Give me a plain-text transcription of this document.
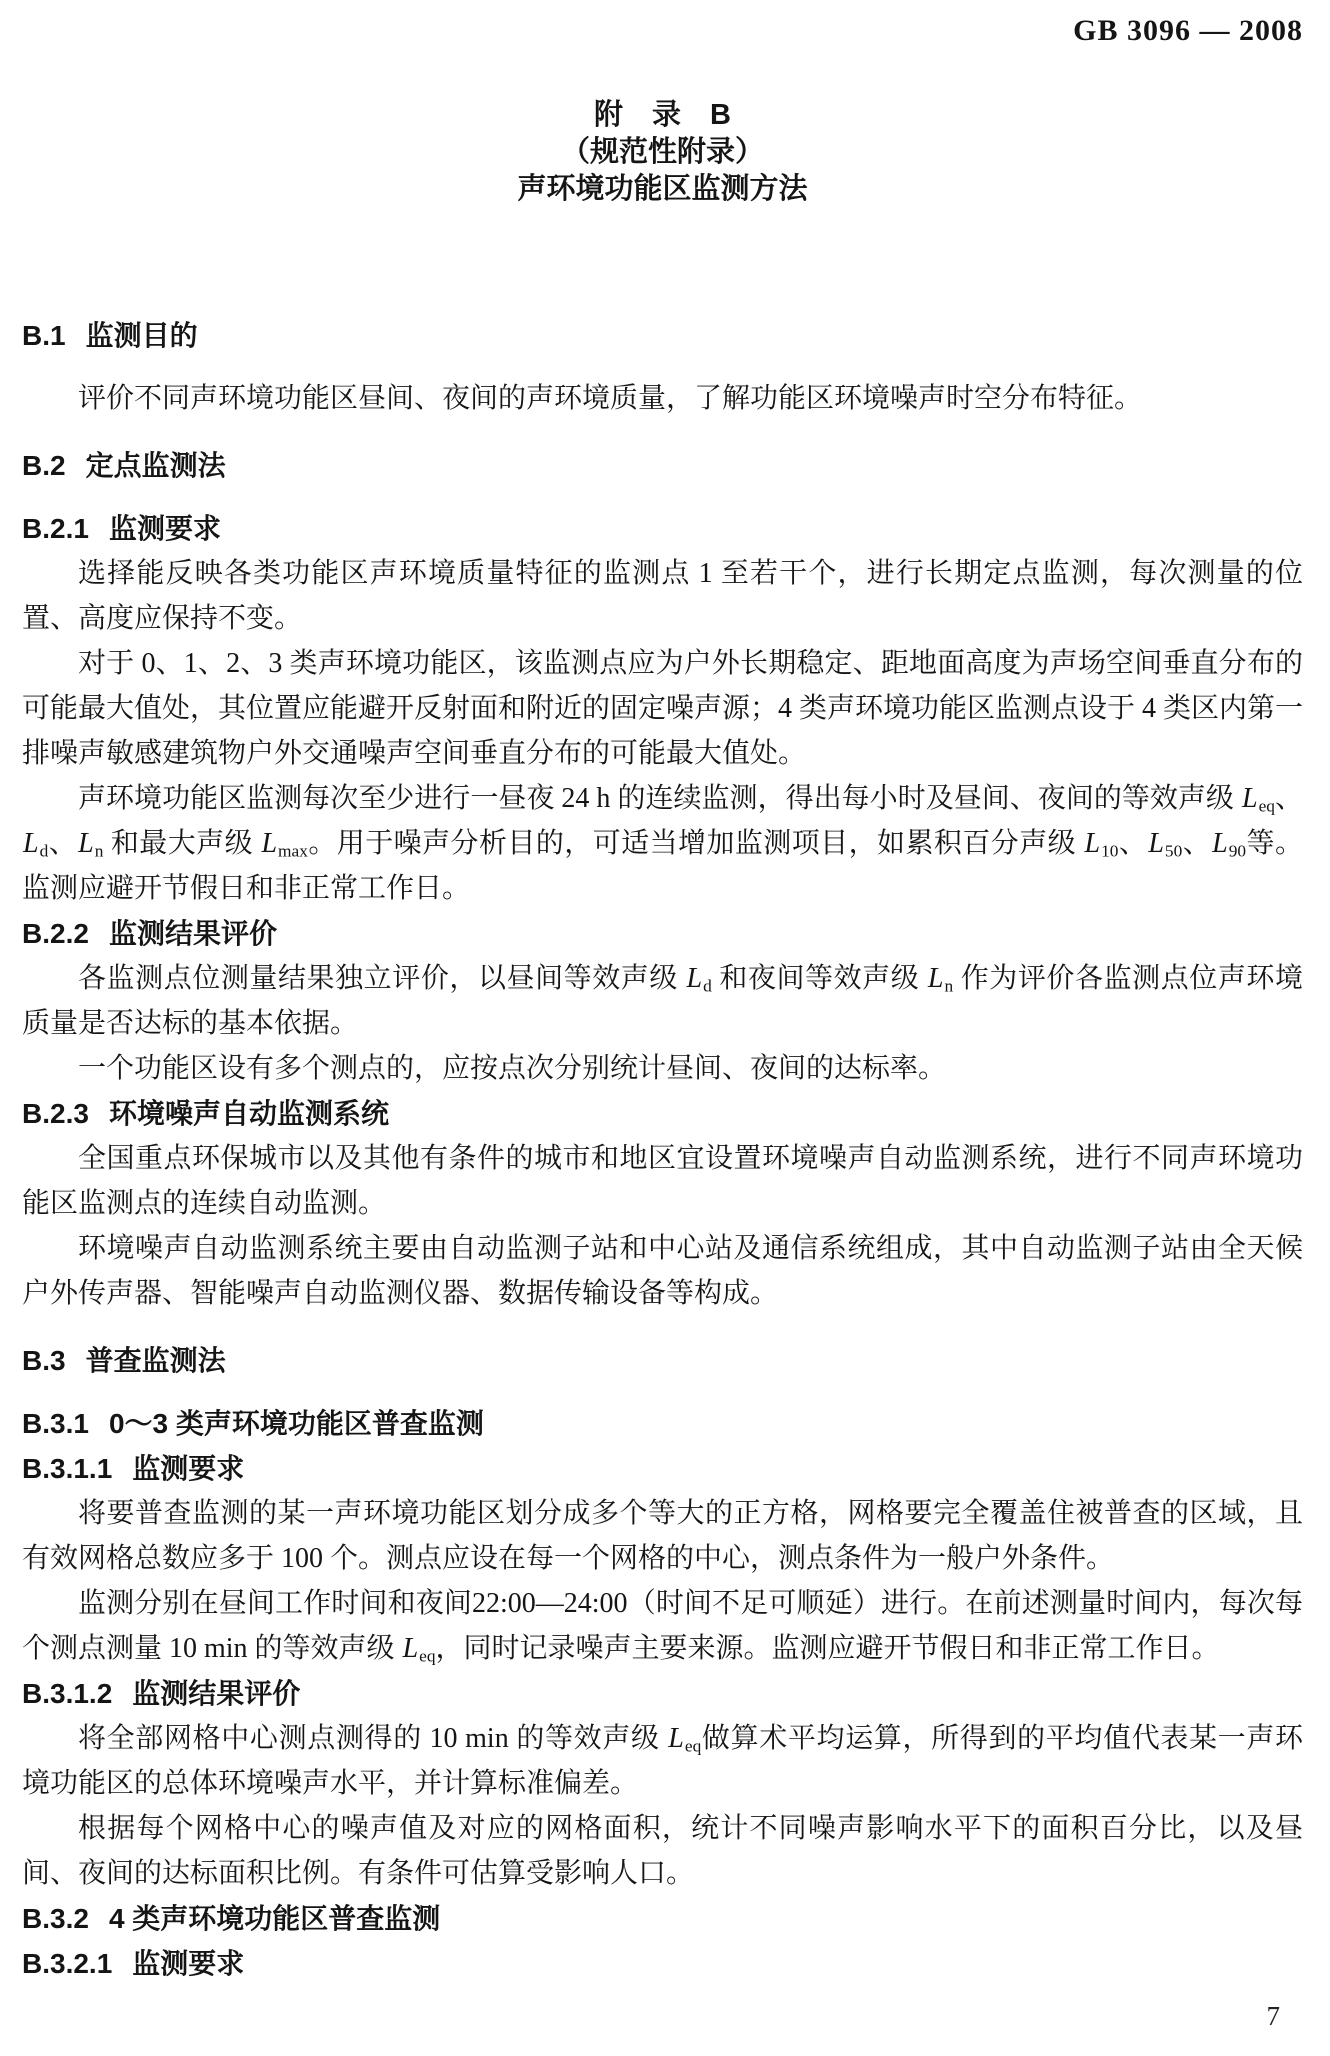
GB 3096 — 2008
附　录　B
（规范性附录）
声环境功能区监测方法
B.1 监测目的

评价不同声环境功能区昼间、夜间的声环境质量，了解功能区环境噪声时空分布特征。

B.2 定点监测法
B.2.1 监测要求

选择能反映各类功能区声环境质量特征的监测点 1 至若干个，进行长期定点监测，每次测量的位置、高度应保持不变。

对于 0、1、2、3 类声环境功能区，该监测点应为户外长期稳定、距地面高度为声场空间垂直分布的可能最大值处，其位置应能避开反射面和附近的固定噪声源；4 类声环境功能区监测点设于 4 类区内第一排噪声敏感建筑物户外交通噪声空间垂直分布的可能最大值处。

声环境功能区监测每次至少进行一昼夜 24 h 的连续监测，得出每小时及昼间、夜间的等效声级 $L_{eq}$、$L_d$、$L_n$ 和最大声级 $L_{max}$。用于噪声分析目的，可适当增加监测项目，如累积百分声级 $L_{10}$、$L_{50}$、$L_{90}$等。监测应避开节假日和非正常工作日。

B.2.2 监测结果评价

各监测点位测量结果独立评价，以昼间等效声级 $L_d$ 和夜间等效声级 $L_n$ 作为评价各监测点位声环境质量是否达标的基本依据。

一个功能区设有多个测点的，应按点次分别统计昼间、夜间的达标率。

B.2.3 环境噪声自动监测系统

全国重点环保城市以及其他有条件的城市和地区宜设置环境噪声自动监测系统，进行不同声环境功能区监测点的连续自动监测。

环境噪声自动监测系统主要由自动监测子站和中心站及通信系统组成，其中自动监测子站由全天候户外传声器、智能噪声自动监测仪器、数据传输设备等构成。

B.3 普查监测法
B.3.1 0～3 类声环境功能区普查监测
B.3.1.1 监测要求

将要普查监测的某一声环境功能区划分成多个等大的正方格，网格要完全覆盖住被普查的区域，且有效网格总数应多于 100 个。测点应设在每一个网格的中心，测点条件为一般户外条件。

监测分别在昼间工作时间和夜间22:00—24:00（时间不足可顺延）进行。在前述测量时间内，每次每个测点测量 10 min 的等效声级 $L_{eq}$，同时记录噪声主要来源。监测应避开节假日和非正常工作日。

B.3.1.2 监测结果评价

将全部网格中心测点测得的 10 min 的等效声级 $L_{eq}$做算术平均运算，所得到的平均值代表某一声环境功能区的总体环境噪声水平，并计算标准偏差。

根据每个网格中心的噪声值及对应的网格面积，统计不同噪声影响水平下的面积百分比，以及昼间、夜间的达标面积比例。有条件可估算受影响人口。

B.3.2 4 类声环境功能区普查监测
B.3.2.1 监测要求
7
